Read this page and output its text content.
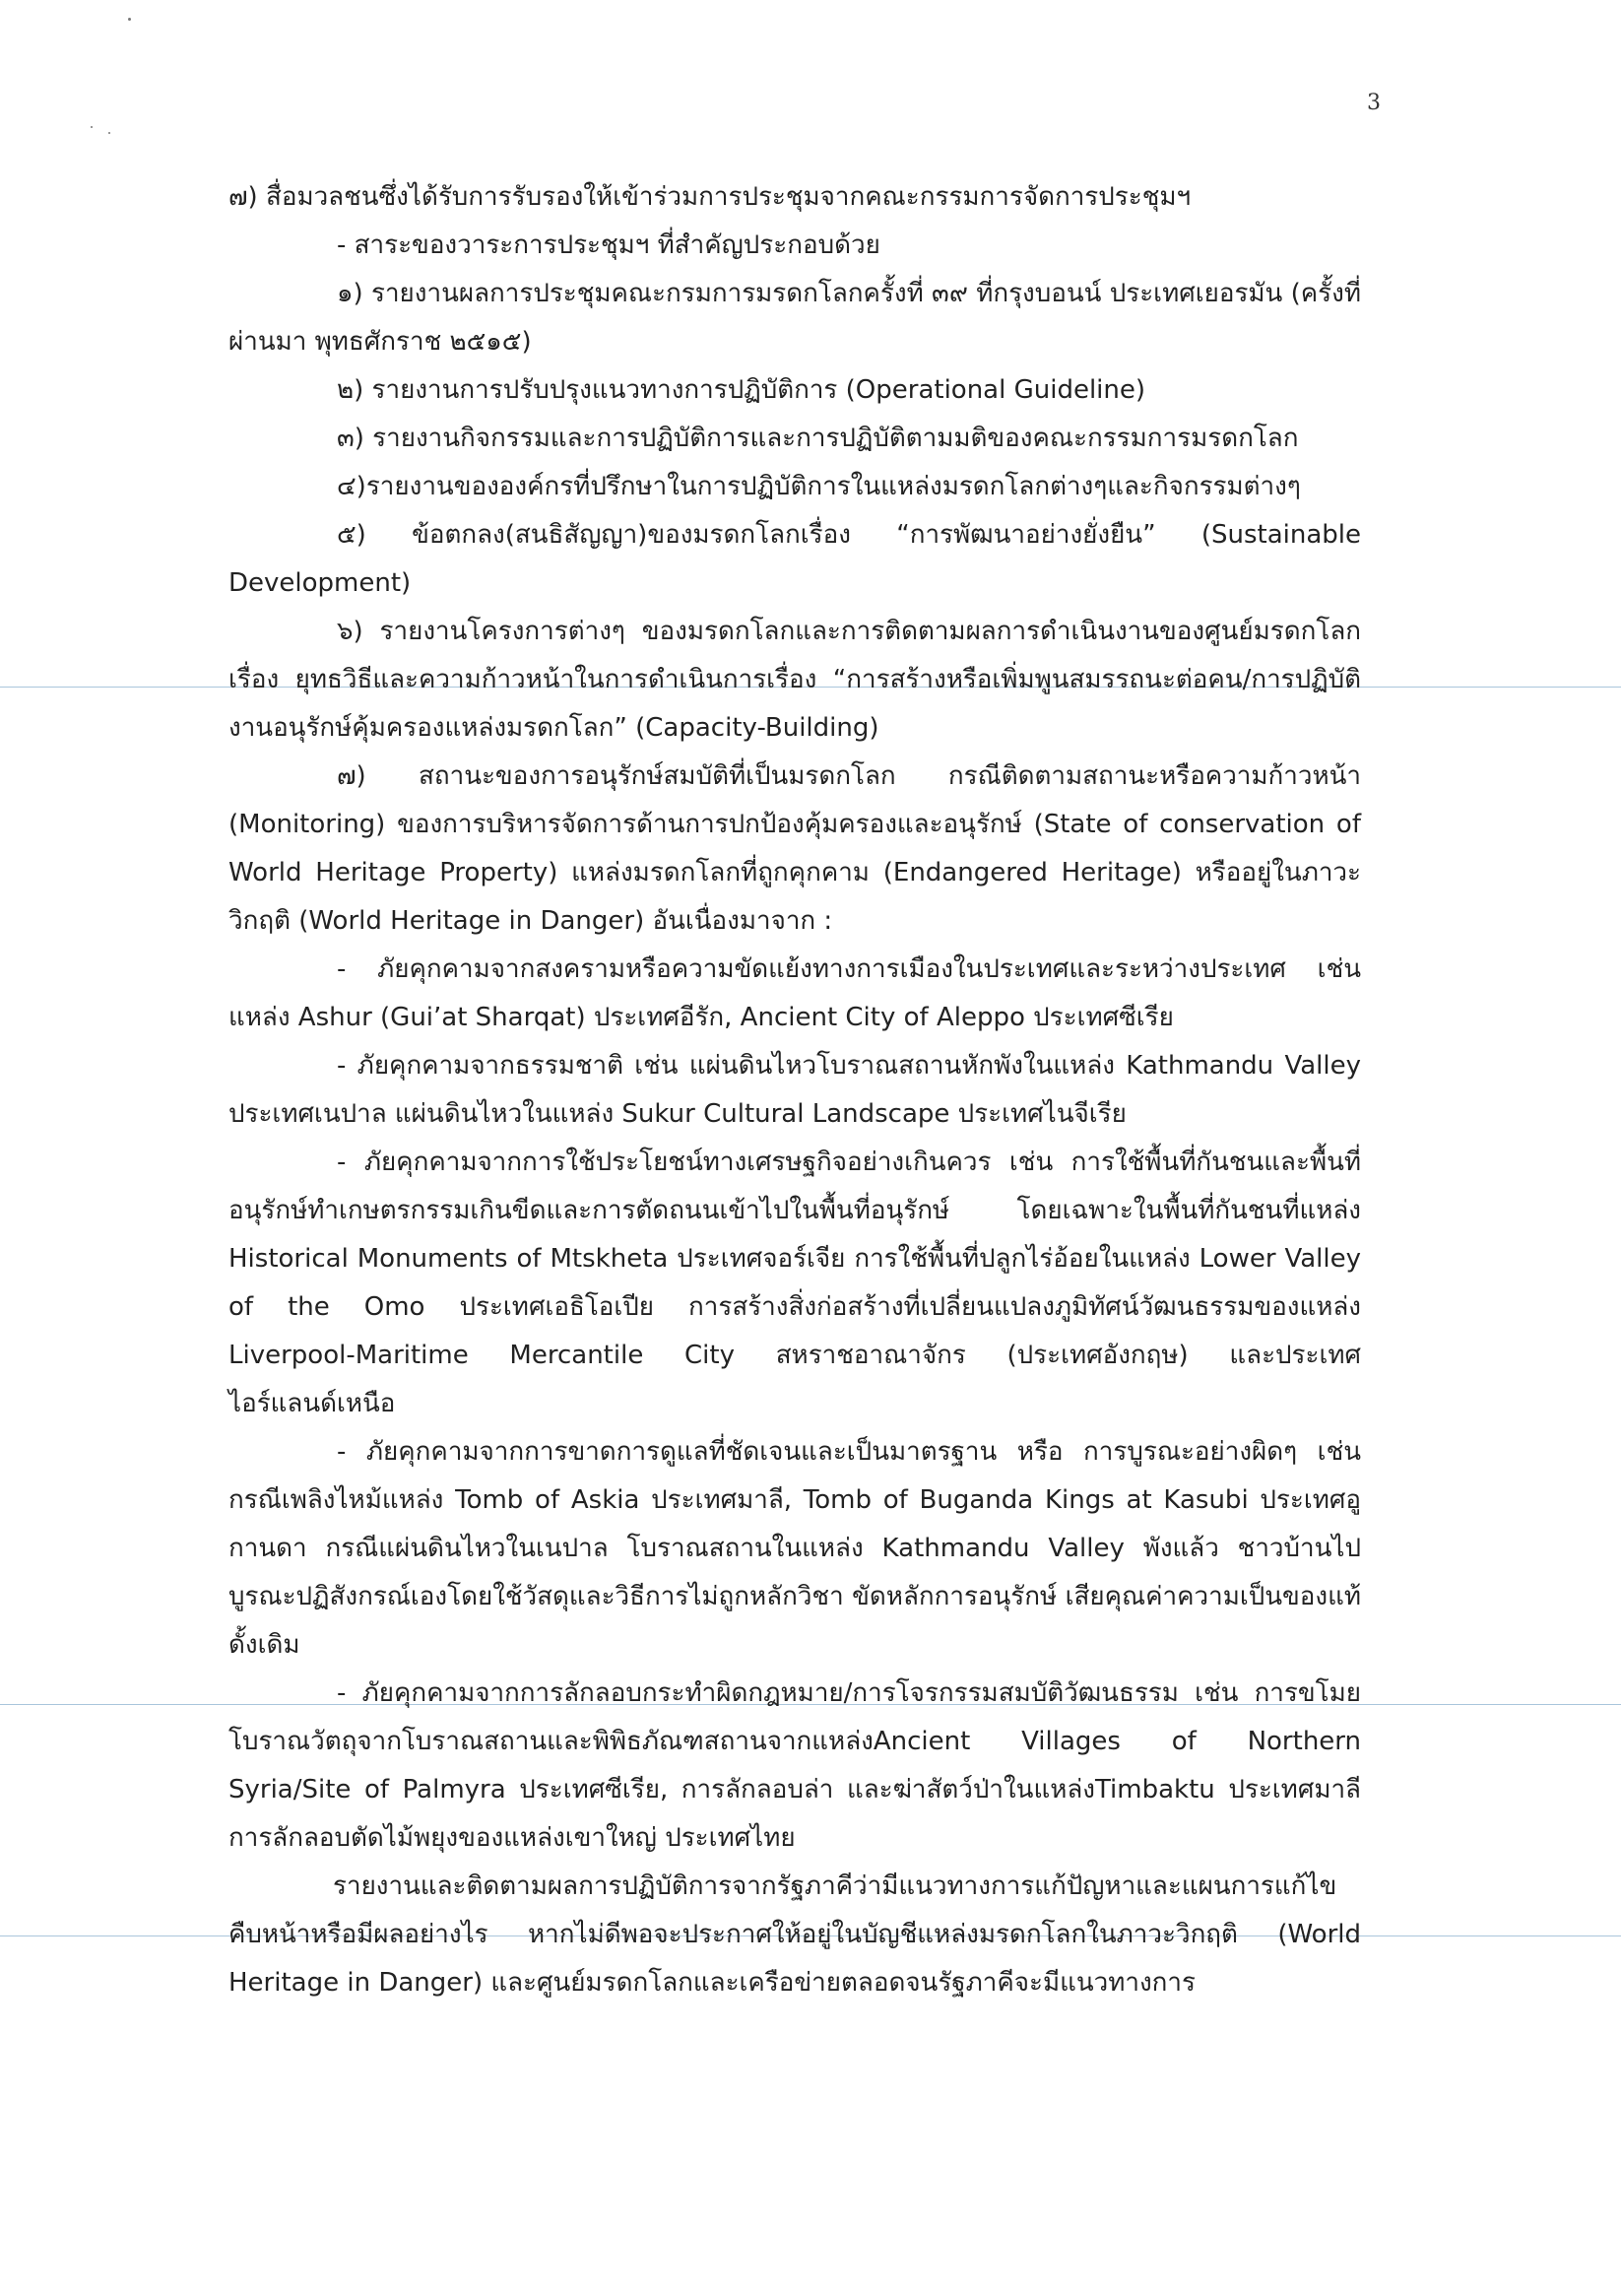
3

๗) สื่อมวลชนซึ่งได้รับการรับรองให้เข้าร่วมการประชุมจากคณะกรรมการจัดการประชุมฯ

- สาระของวาระการประชุมฯ ที่สำคัญประกอบด้วย

๑) รายงานผลการประชุมคณะกรมการมรดกโลกครั้งที่ ๓๙ ที่กรุงบอนน์ ประเทศเยอรมัน (ครั้งที่ผ่านมา พุทธศักราช ๒๕๑๕)

๒) รายงานการปรับปรุงแนวทางการปฏิบัติการ (Operational Guideline)

๓) รายงานกิจกรรมและการปฏิบัติการและการปฏิบัติตามมติของคณะกรรมการมรดกโลก

๔)รายงานขององค์กรที่ปรึกษาในการปฏิบัติการในแหล่งมรดกโลกต่างๆและกิจกรรมต่างๆ

๕) ข้อตกลง(สนธิสัญญา)ของมรดกโลกเรื่อง “การพัฒนาอย่างยั่งยืน” (Sustainable Development)

๖) รายงานโครงการต่างๆ ของมรดกโลกและการติดตามผลการดำเนินงานของศูนย์มรดกโลก เรื่อง ยุทธวิธีและความก้าวหน้าในการดำเนินการเรื่อง “การสร้างหรือเพิ่มพูนสมรรถนะต่อคน/การปฏิบัติงานอนุรักษ์คุ้มครองแหล่งมรดกโลก” (Capacity-Building)

๗) สถานะของการอนุรักษ์สมบัติที่เป็นมรดกโลก กรณีติดตามสถานะหรือความก้าวหน้า (Monitoring) ของการบริหารจัดการด้านการปกป้องคุ้มครองและอนุรักษ์ (State of conservation of World Heritage Property) แหล่งมรดกโลกที่ถูกคุกคาม (Endangered Heritage) หรืออยู่ในภาวะวิกฤติ (World Heritage in Danger) อันเนื่องมาจาก :

- ภัยคุกคามจากสงครามหรือความขัดแย้งทางการเมืองในประเทศและระหว่างประเทศ เช่น แหล่ง Ashur (Gui’at Sharqat) ประเทศอีรัก, Ancient City of Aleppo ประเทศซีเรีย

- ภัยคุกคามจากธรรมชาติ เช่น แผ่นดินไหวโบราณสถานหักพังในแหล่ง Kathmandu Valley ประเทศเนปาล แผ่นดินไหวในแหล่ง Sukur Cultural Landscape ประเทศไนจีเรีย

- ภัยคุกคามจากการใช้ประโยชน์ทางเศรษฐกิจอย่างเกินควร เช่น การใช้พื้นที่กันชนและพื้นที่อนุรักษ์ทำเกษตรกรรมเกินขีดและการตัดถนนเข้าไปในพื้นที่อนุรักษ์ โดยเฉพาะในพื้นที่กันชนที่แหล่ง Historical Monuments of Mtskheta ประเทศจอร์เจีย การใช้พื้นที่ปลูกไร่อ้อยในแหล่ง Lower Valley of the Omo ประเทศเอธิโอเปีย การสร้างสิ่งก่อสร้างที่เปลี่ยนแปลงภูมิทัศน์วัฒนธรรมของแหล่ง Liverpool-Maritime Mercantile City สหราชอาณาจักร (ประเทศอังกฤษ) และประเทศไอร์แลนด์เหนือ

- ภัยคุกคามจากการขาดการดูแลที่ชัดเจนและเป็นมาตรฐาน หรือ การบูรณะอย่างผิดๆ เช่น กรณีเพลิงไหม้แหล่ง Tomb of Askia ประเทศมาลี, Tomb of Buganda Kings at Kasubi ประเทศอูกานดา กรณีแผ่นดินไหวในเนปาล โบราณสถานในแหล่ง Kathmandu Valley พังแล้ว ชาวบ้านไปบูรณะปฏิสังกรณ์เองโดยใช้วัสดุและวิธีการไม่ถูกหลักวิชา ขัดหลักการอนุรักษ์ เสียคุณค่าความเป็นของแท้ดั้งเดิม

- ภัยคุกคามจากการลักลอบกระทำผิดกฎหมาย/การโจรกรรมสมบัติวัฒนธรรม เช่น การขโมยโบราณวัตถุจากโบราณสถานและพิพิธภัณฑสถานจากแหล่งAncient Villages of Northern Syria/Site of Palmyra ประเทศซีเรีย, การลักลอบล่า และฆ่าสัตว์ป่าในแหล่งTimbaktu ประเทศมาลี การลักลอบตัดไม้พยุงของแหล่งเขาใหญ่ ประเทศไทย

รายงานและติดตามผลการปฏิบัติการจากรัฐภาคีว่ามีแนวทางการแก้ปัญหาและแผนการแก้ไขคืบหน้าหรือมีผลอย่างไร หากไม่ดีพอจะประกาศให้อยู่ในบัญชีแหล่งมรดกโลกในภาวะวิกฤติ (World Heritage in Danger) และศูนย์มรดกโลกและเครือข่ายตลอดจนรัฐภาคีจะมีแนวทางการ
